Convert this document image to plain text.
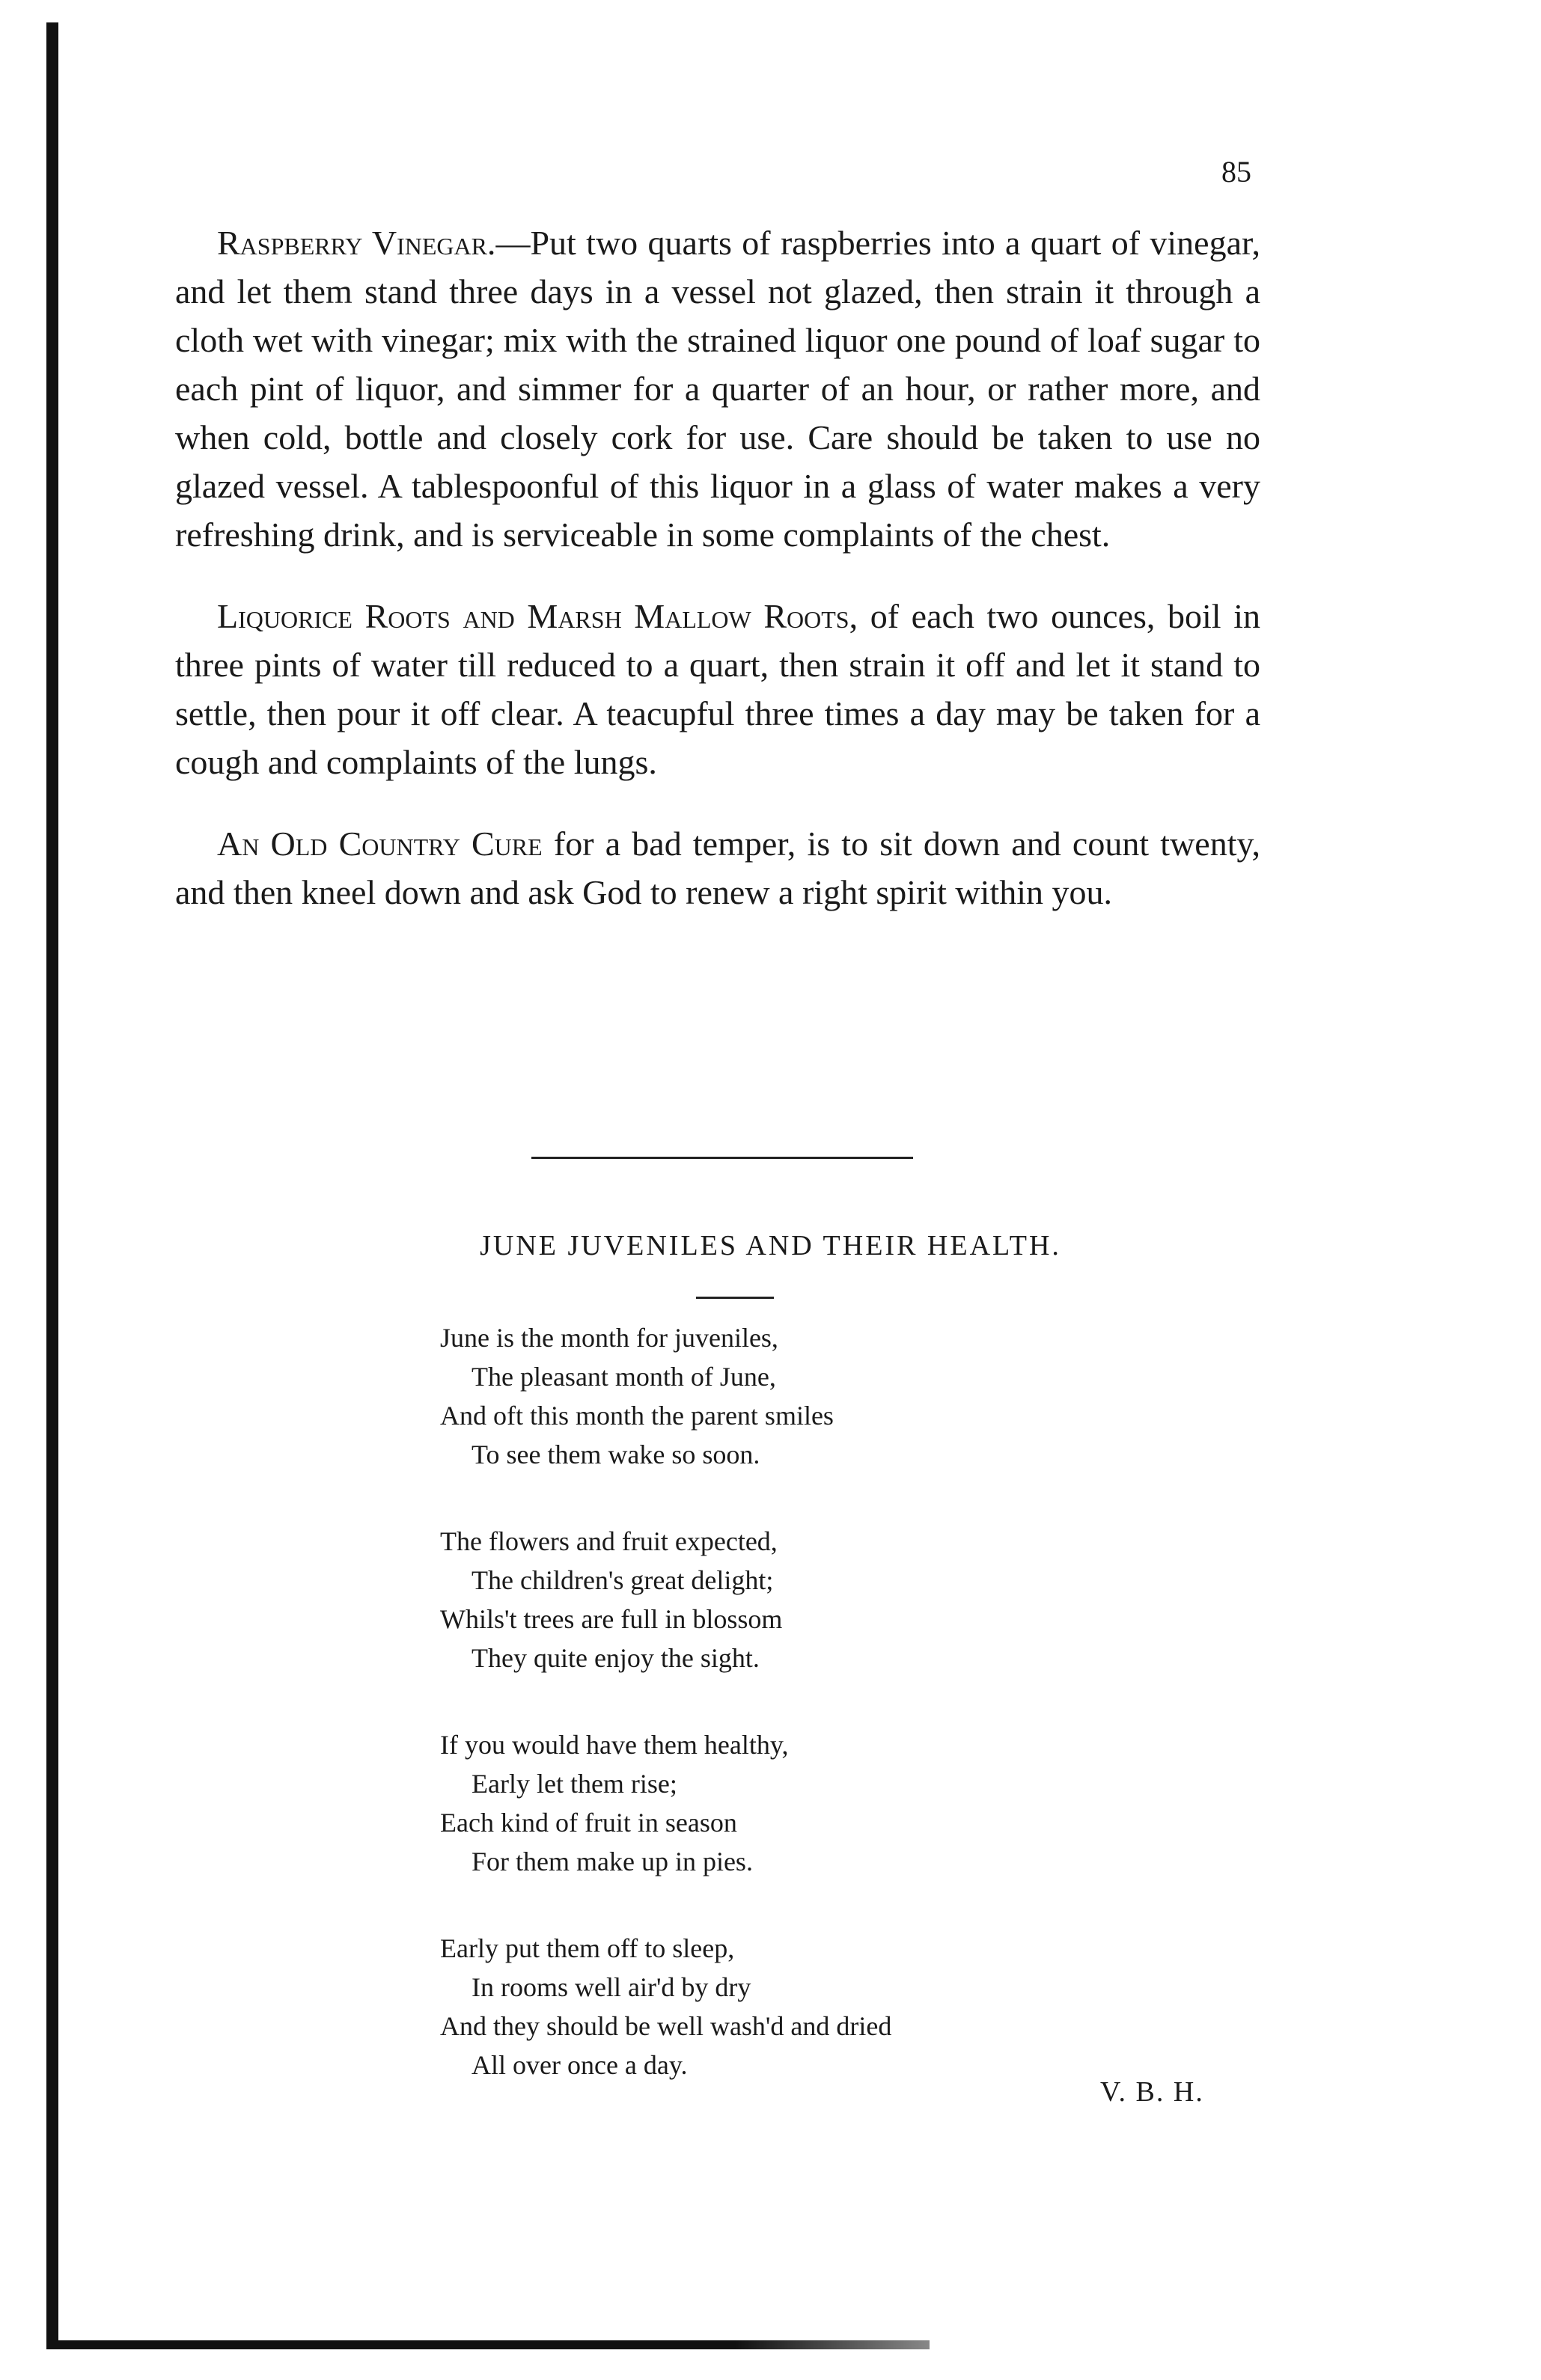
85

Raspberry Vinegar.—Put two quarts of raspberries into a quart of vinegar, and let them stand three days in a vessel not glazed, then strain it through a cloth wet with vinegar; mix with the strained liquor one pound of loaf sugar to each pint of liquor, and simmer for a quarter of an hour, or rather more, and when cold, bottle and closely cork for use. Care should be taken to use no glazed vessel. A tablespoonful of this liquor in a glass of water makes a very refreshing drink, and is serviceable in some complaints of the chest.

Liquorice Roots and Marsh Mallow Roots, of each two ounces, boil in three pints of water till reduced to a quart, then strain it off and let it stand to settle, then pour it off clear. A teacupful three times a day may be taken for a cough and complaints of the lungs.

An Old Country Cure for a bad temper, is to sit down and count twenty, and then kneel down and ask God to renew a right spirit within you.

JUNE JUVENILES AND THEIR HEALTH.
June is the month for juveniles,
The pleasant month of June,
And oft this month the parent smiles
To see them wake so soon.
The flowers and fruit expected,
The children's great delight;
Whils't trees are full in blossom
They quite enjoy the sight.
If you would have them healthy,
Early let them rise;
Each kind of fruit in season
For them make up in pies.
Early put them off to sleep,
In rooms well air'd by dry
And they should be well wash'd and dried
All over once a day.
V. B. H.
